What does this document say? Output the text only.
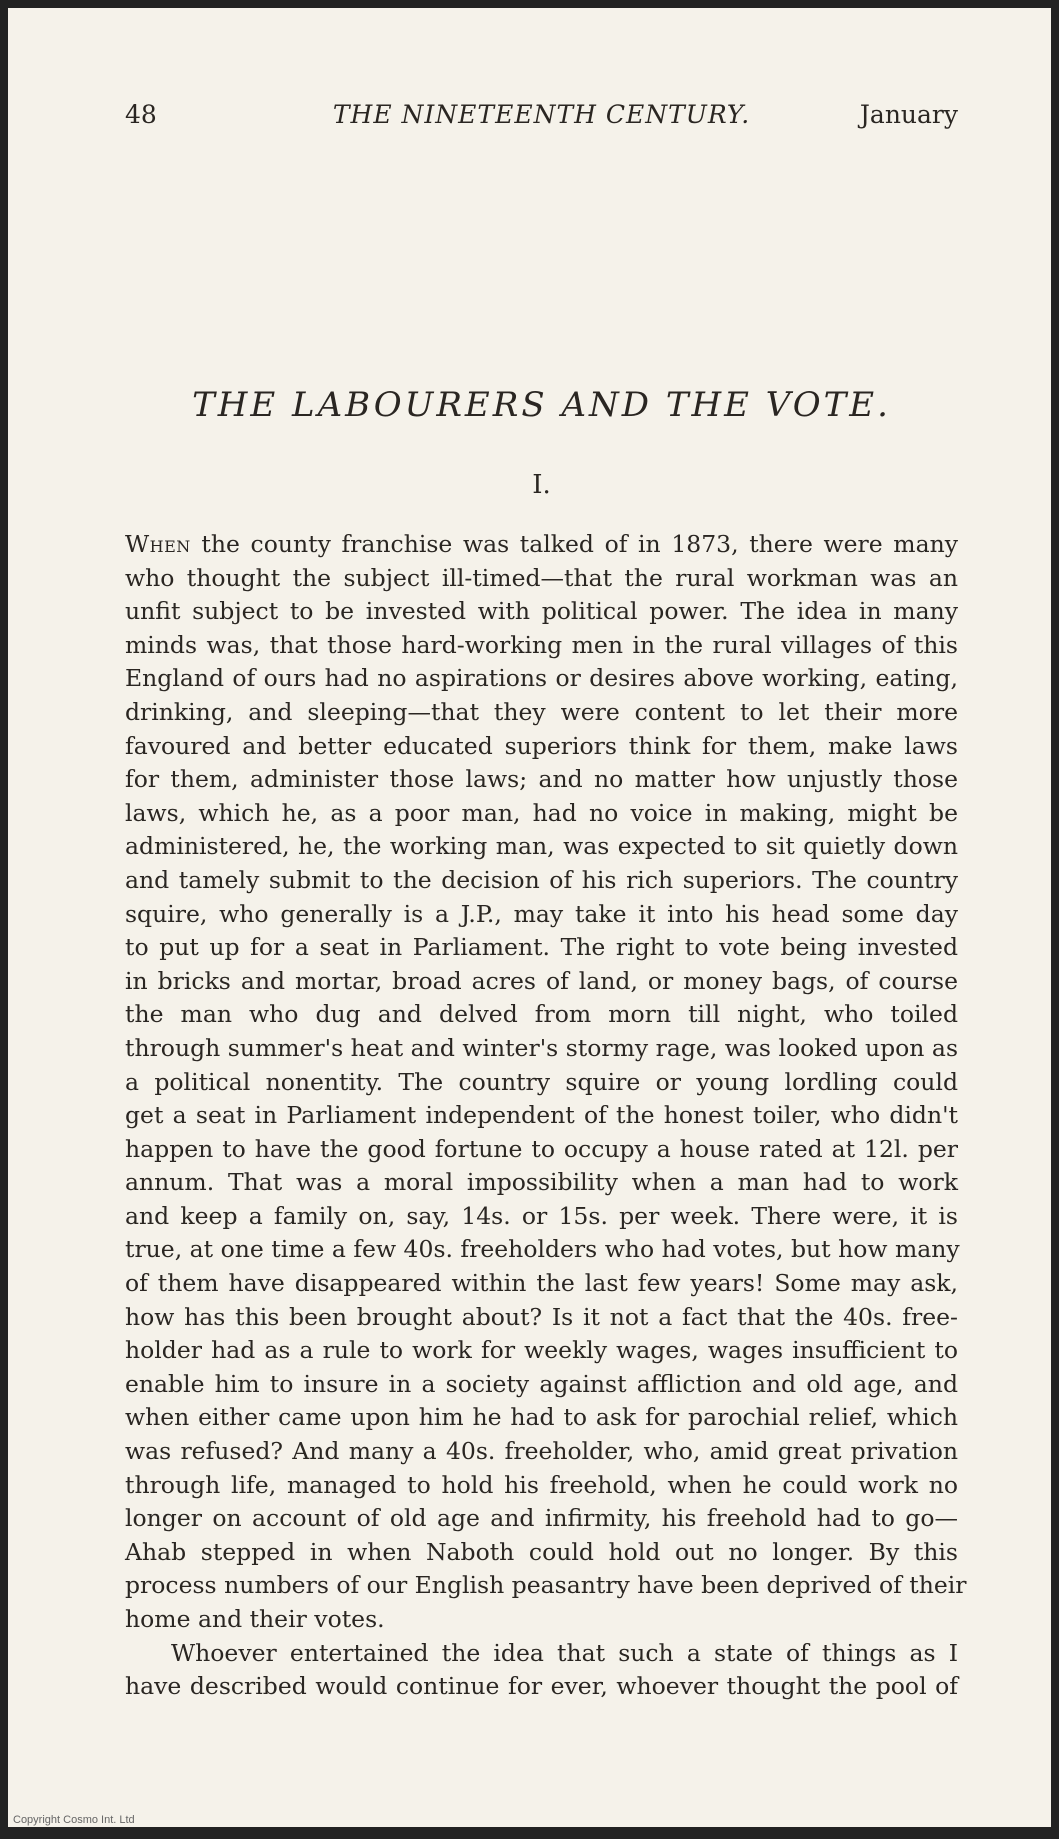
48	THE NINETEENTH CENTURY.	January
THE LABOURERS AND THE VOTE.
I.
When the county franchise was talked of in 1873, there were many
who thought the subject ill-timed—that the rural workman was an
unfit subject to be invested with political power. The idea in many
minds was, that those hard-working men in the rural villages of this
England of ours had no aspirations or desires above working, eating,
drinking, and sleeping—that they were content to let their more
favoured and better educated superiors think for them, make laws
for them, administer those laws; and no matter how unjustly those
laws, which he, as a poor man, had no voice in making, might be
administered, he, the working man, was expected to sit quietly down
and tamely submit to the decision of his rich superiors. The country
squire, who generally is a J.P., may take it into his head some day
to put up for a seat in Parliament. The right to vote being invested
in bricks and mortar, broad acres of land, or money bags, of course
the man who dug and delved from morn till night, who toiled
through summer's heat and winter's stormy rage, was looked upon as
a political nonentity. The country squire or young lordling could
get a seat in Parliament independent of the honest toiler, who didn't
happen to have the good fortune to occupy a house rated at 12l. per
annum. That was a moral impossibility when a man had to work
and keep a family on, say, 14s. or 15s. per week. There were, it is
true, at one time a few 40s. freeholders who had votes, but how many
of them have disappeared within the last few years! Some may ask,
how has this been brought about? Is it not a fact that the 40s. free-
holder had as a rule to work for weekly wages, wages insufficient to
enable him to insure in a society against affliction and old age, and
when either came upon him he had to ask for parochial relief, which
was refused? And many a 40s. freeholder, who, amid great privation
through life, managed to hold his freehold, when he could work no
longer on account of old age and infirmity, his freehold had to go—
Ahab stepped in when Naboth could hold out no longer. By this
process numbers of our English peasantry have been deprived of their
home and their votes.
Whoever entertained the idea that such a state of things as I
have described would continue for ever, whoever thought the pool of
Copyright Cosmo Int. Ltd
